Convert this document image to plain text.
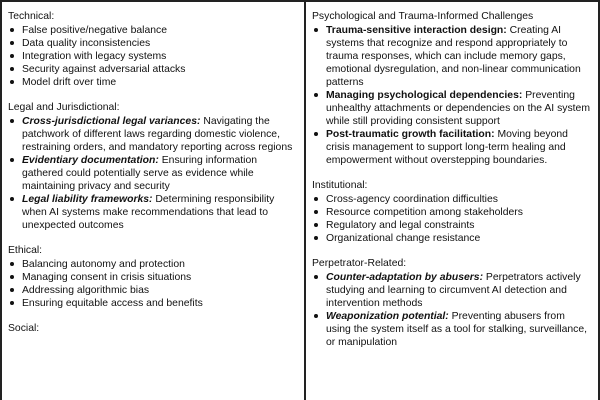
Technical:
False positive/negative balance
Data quality inconsistencies
Integration with legacy systems
Security against adversarial attacks
Model drift over time
Legal and Jurisdictional:
Cross-jurisdictional legal variances: Navigating the patchwork of different laws regarding domestic violence, restraining orders, and mandatory reporting across regions
Evidentiary documentation: Ensuring information gathered could potentially serve as evidence while maintaining privacy and security
Legal liability frameworks: Determining responsibility when AI systems make recommendations that lead to unexpected outcomes
Ethical:
Balancing autonomy and protection
Managing consent in crisis situations
Addressing algorithmic bias
Ensuring equitable access and benefits
Social:
Psychological and Trauma-Informed Challenges
Trauma-sensitive interaction design: Creating AI systems that recognize and respond appropriately to trauma responses, which can include memory gaps, emotional dysregulation, and non-linear communication patterns
Managing psychological dependencies: Preventing unhealthy attachments or dependencies on the AI system while still providing consistent support
Post-traumatic growth facilitation: Moving beyond crisis management to support long-term healing and empowerment without overstepping boundaries.
Institutional:
Cross-agency coordination difficulties
Resource competition among stakeholders
Regulatory and legal constraints
Organizational change resistance
Perpetrator-Related:
Counter-adaptation by abusers: Perpetrators actively studying and learning to circumvent AI detection and intervention methods
Weaponization potential: Preventing abusers from using the system itself as a tool for stalking, surveillance, or manipulation
